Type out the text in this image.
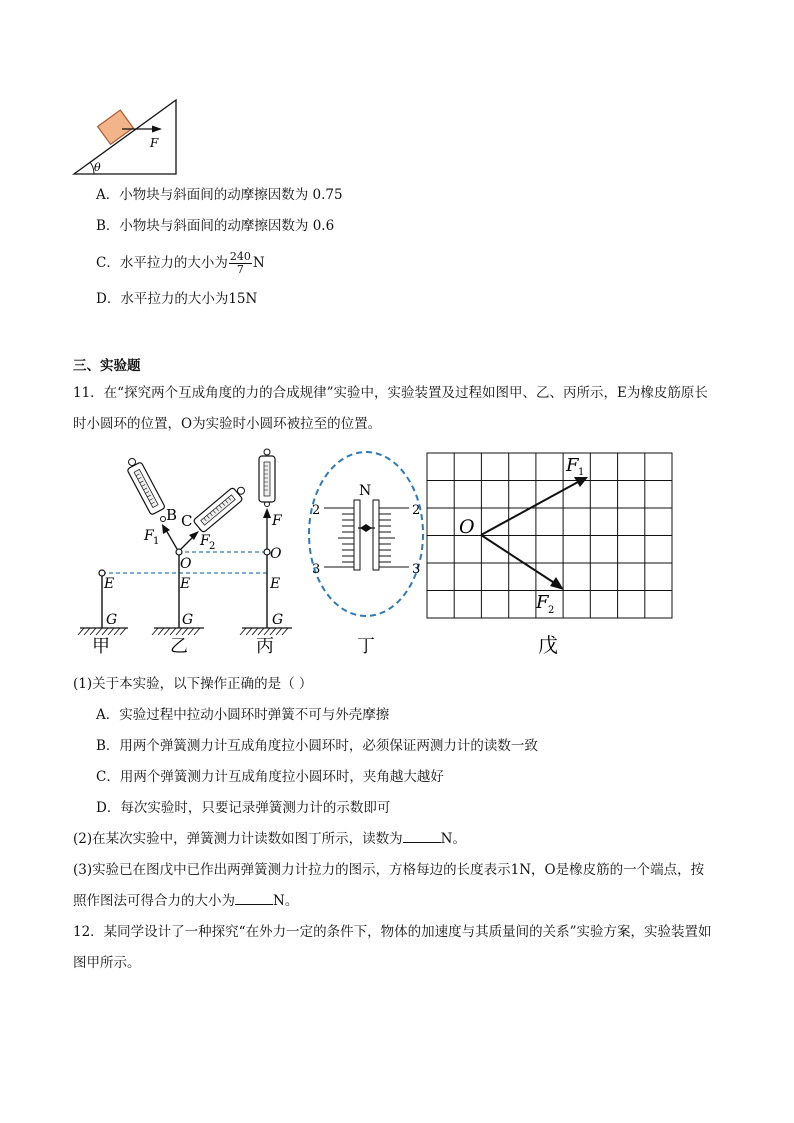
F
θ
A．小物块与斜面间的动摩擦因数为 0.75
B．小物块与斜面间的动摩擦因数为 0.6
C．水平拉力的大小为 $\frac{240}{7}$ N
D．水平拉力的大小为15N
三、实验题
11．在“探究两个互成角度的力的合成规律”实验中，实验装置及过程如图甲、乙、丙所示，E为橡皮筋原长
时小圆环的位置，O为实验时小圆环被拉至的位置。
E
G
B C
F 1	F 2
O
E
G
F
O
E
G
甲	乙	丙
N
2	2
3	3
丁
O
F 1
F 2
戊
(1)关于本实验，以下操作正确的是（ ）
A．实验过程中拉动小圆环时弹簧不可与外壳摩擦
B．用两个弹簧测力计互成角度拉小圆环时，必须保证两测力计的读数一致
C．用两个弹簧测力计互成角度拉小圆环时，夹角越大越好
D．每次实验时，只要记录弹簧测力计的示数即可
(2)在某次实验中，弹簧测力计读数如图丁所示，读数为	N。
(3)实验已在图戊中已作出两弹簧测力计拉力的图示，方格每边的长度表示1N，O是橡皮筋的一个端点，按
照作图法可得合力的大小为	N。
12．某同学设计了一种探究“在外力一定的条件下，物体的加速度与其质量间的关系”实验方案，实验装置如
图甲所示。
